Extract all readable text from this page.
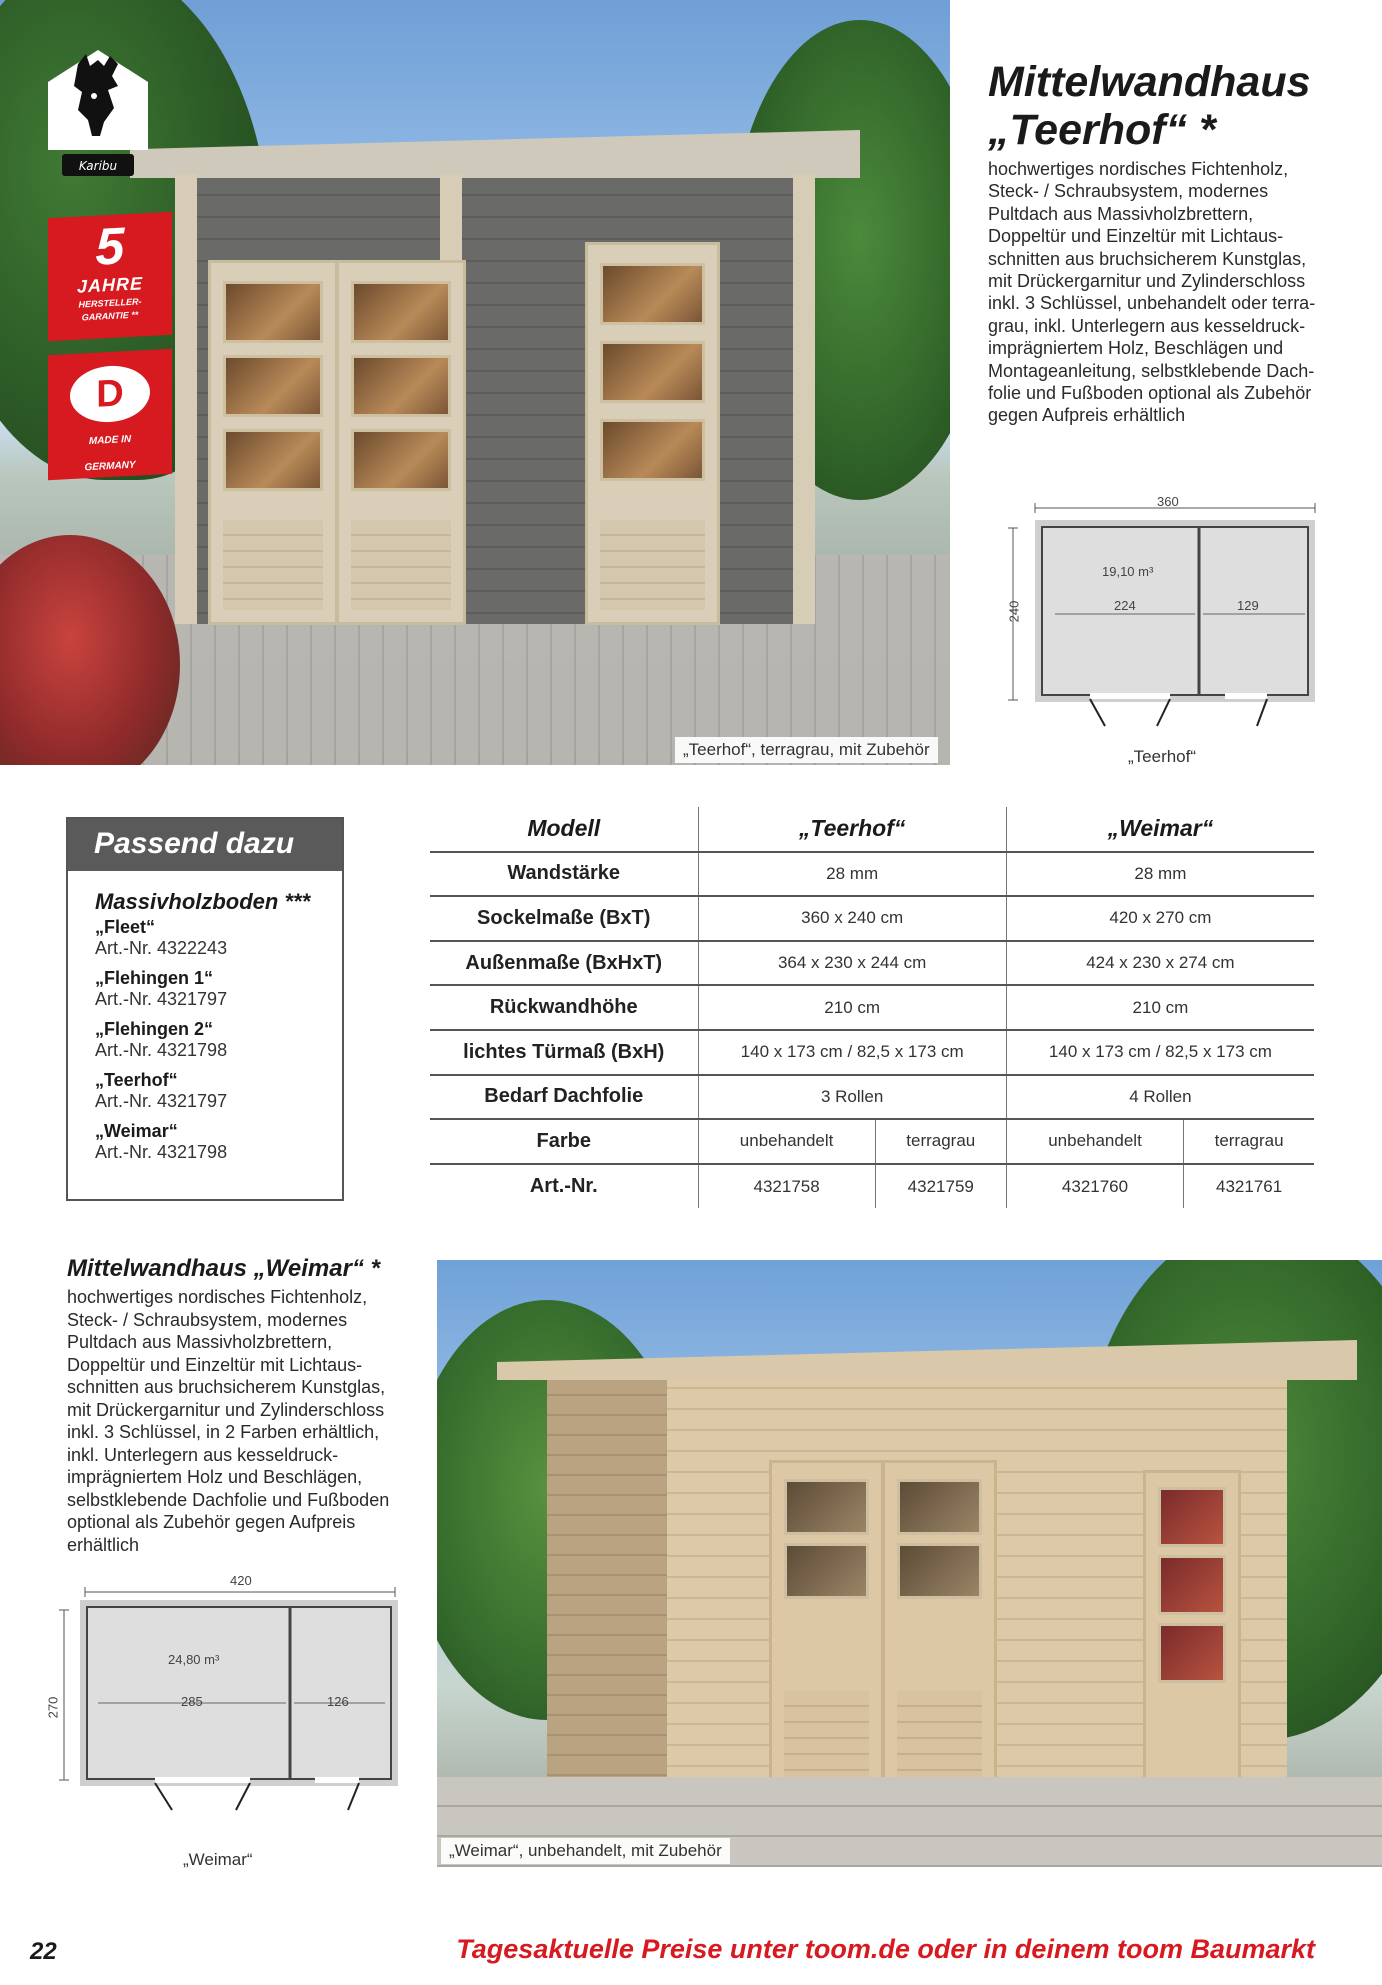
Karibu
5
JAHRE
HERSTELLER-
GARANTIE **
D
MADE IN
GERMANY
„Teerhof“, terragrau, mit Zubehör
Mittelwandhaus
„Teerhof“ *
hochwertiges nordisches Fichtenholz,
Steck- / Schraubsystem, modernes
Pultdach aus Massivholzbrettern,
Doppeltür und Einzeltür mit Lichtaus-
schnitten aus bruchsicherem Kunstglas,
mit Drückergarnitur und Zylinderschloss
inkl. 3 Schlüssel, unbehandelt oder terra-
grau, inkl. Unterlegern aus kesseldruck-
imprägniertem Holz, Beschlägen und
Montageanleitung, selbstklebende Dach-
folie und Fußboden optional als Zubehör
gegen Aufpreis erhältlich
360
240
19,10 m³
224	129
„Teerhof“
Passend dazu
Massivholzboden ***
„Fleet“
Art.-Nr. 4322243
„Flehingen 1“
Art.-Nr. 4321797
„Flehingen 2“
Art.-Nr. 4321798
„Teerhof“
Art.-Nr. 4321797
„Weimar“
Art.-Nr. 4321798
Modell	„Teerhof“		„Weimar“	
Wandstärke	28 mm		28 mm	
Sockelmaße (BxT)	360 x 240 cm		420 x 270 cm	
Außenmaße (BxHxT)	364 x 230 x 244 cm		424 x 230 x 274 cm	
Rückwandhöhe	210 cm		210 cm	
lichtes Türmaß (BxH)	140 x 173 cm / 82,5 x 173 cm		140 x 173 cm / 82,5 x 173 cm	
Bedarf Dachfolie	3 Rollen		4 Rollen	
Farbe	unbehandelt	terragrau	unbehandelt	terragrau
Art.-Nr.	4321758	4321759	4321760	4321761
Mittelwandhaus „Weimar“ *
hochwertiges nordisches Fichtenholz,
Steck- / Schraubsystem, modernes
Pultdach aus Massivholzbrettern,
Doppeltür und Einzeltür mit Lichtaus-
schnitten aus bruchsicherem Kunstglas,
mit Drückergarnitur und Zylinderschloss
inkl. 3 Schlüssel, in 2 Farben erhältlich,
inkl. Unterlegern aus kesseldruck-
imprägniertem Holz und Beschlägen,
selbstklebende Dachfolie und Fußboden
optional als Zubehör gegen Aufpreis
erhältlich
420
270
24,80 m³
285	126
„Weimar“	„Weimar“, unbehandelt, mit Zubehör
22	Tagesaktuelle Preise unter toom.de oder in deinem toom Baumarkt
